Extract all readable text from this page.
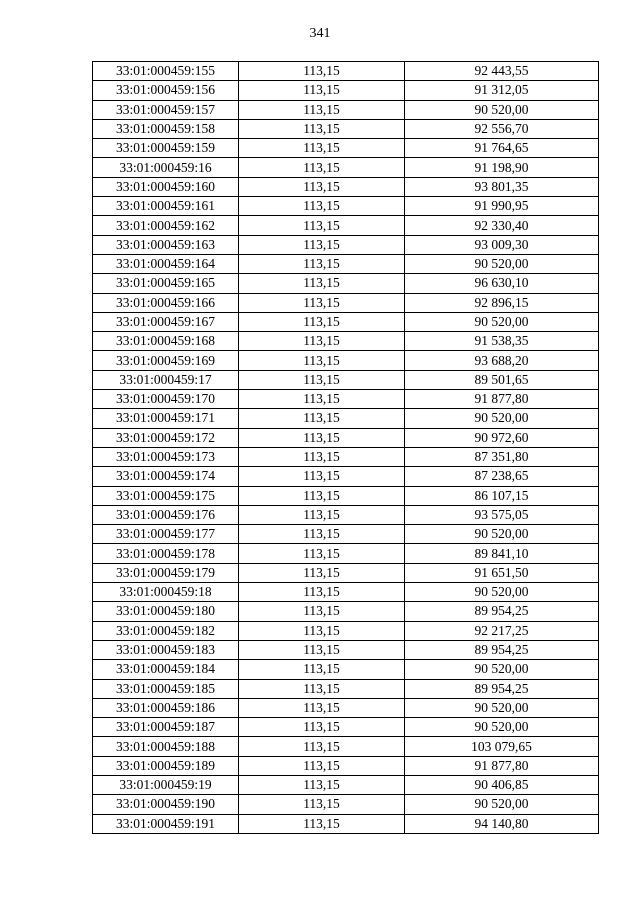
341
33:01:000459:155	113,15	92 443,55
33:01:000459:156	113,15	91 312,05
33:01:000459:157	113,15	90 520,00
33:01:000459:158	113,15	92 556,70
33:01:000459:159	113,15	91 764,65
33:01:000459:16	113,15	91 198,90
33:01:000459:160	113,15	93 801,35
33:01:000459:161	113,15	91 990,95
33:01:000459:162	113,15	92 330,40
33:01:000459:163	113,15	93 009,30
33:01:000459:164	113,15	90 520,00
33:01:000459:165	113,15	96 630,10
33:01:000459:166	113,15	92 896,15
33:01:000459:167	113,15	90 520,00
33:01:000459:168	113,15	91 538,35
33:01:000459:169	113,15	93 688,20
33:01:000459:17	113,15	89 501,65
33:01:000459:170	113,15	91 877,80
33:01:000459:171	113,15	90 520,00
33:01:000459:172	113,15	90 972,60
33:01:000459:173	113,15	87 351,80
33:01:000459:174	113,15	87 238,65
33:01:000459:175	113,15	86 107,15
33:01:000459:176	113,15	93 575,05
33:01:000459:177	113,15	90 520,00
33:01:000459:178	113,15	89 841,10
33:01:000459:179	113,15	91 651,50
33:01:000459:18	113,15	90 520,00
33:01:000459:180	113,15	89 954,25
33:01:000459:182	113,15	92 217,25
33:01:000459:183	113,15	89 954,25
33:01:000459:184	113,15	90 520,00
33:01:000459:185	113,15	89 954,25
33:01:000459:186	113,15	90 520,00
33:01:000459:187	113,15	90 520,00
33:01:000459:188	113,15	103 079,65
33:01:000459:189	113,15	91 877,80
33:01:000459:19	113,15	90 406,85
33:01:000459:190	113,15	90 520,00
33:01:000459:191	113,15	94 140,80
